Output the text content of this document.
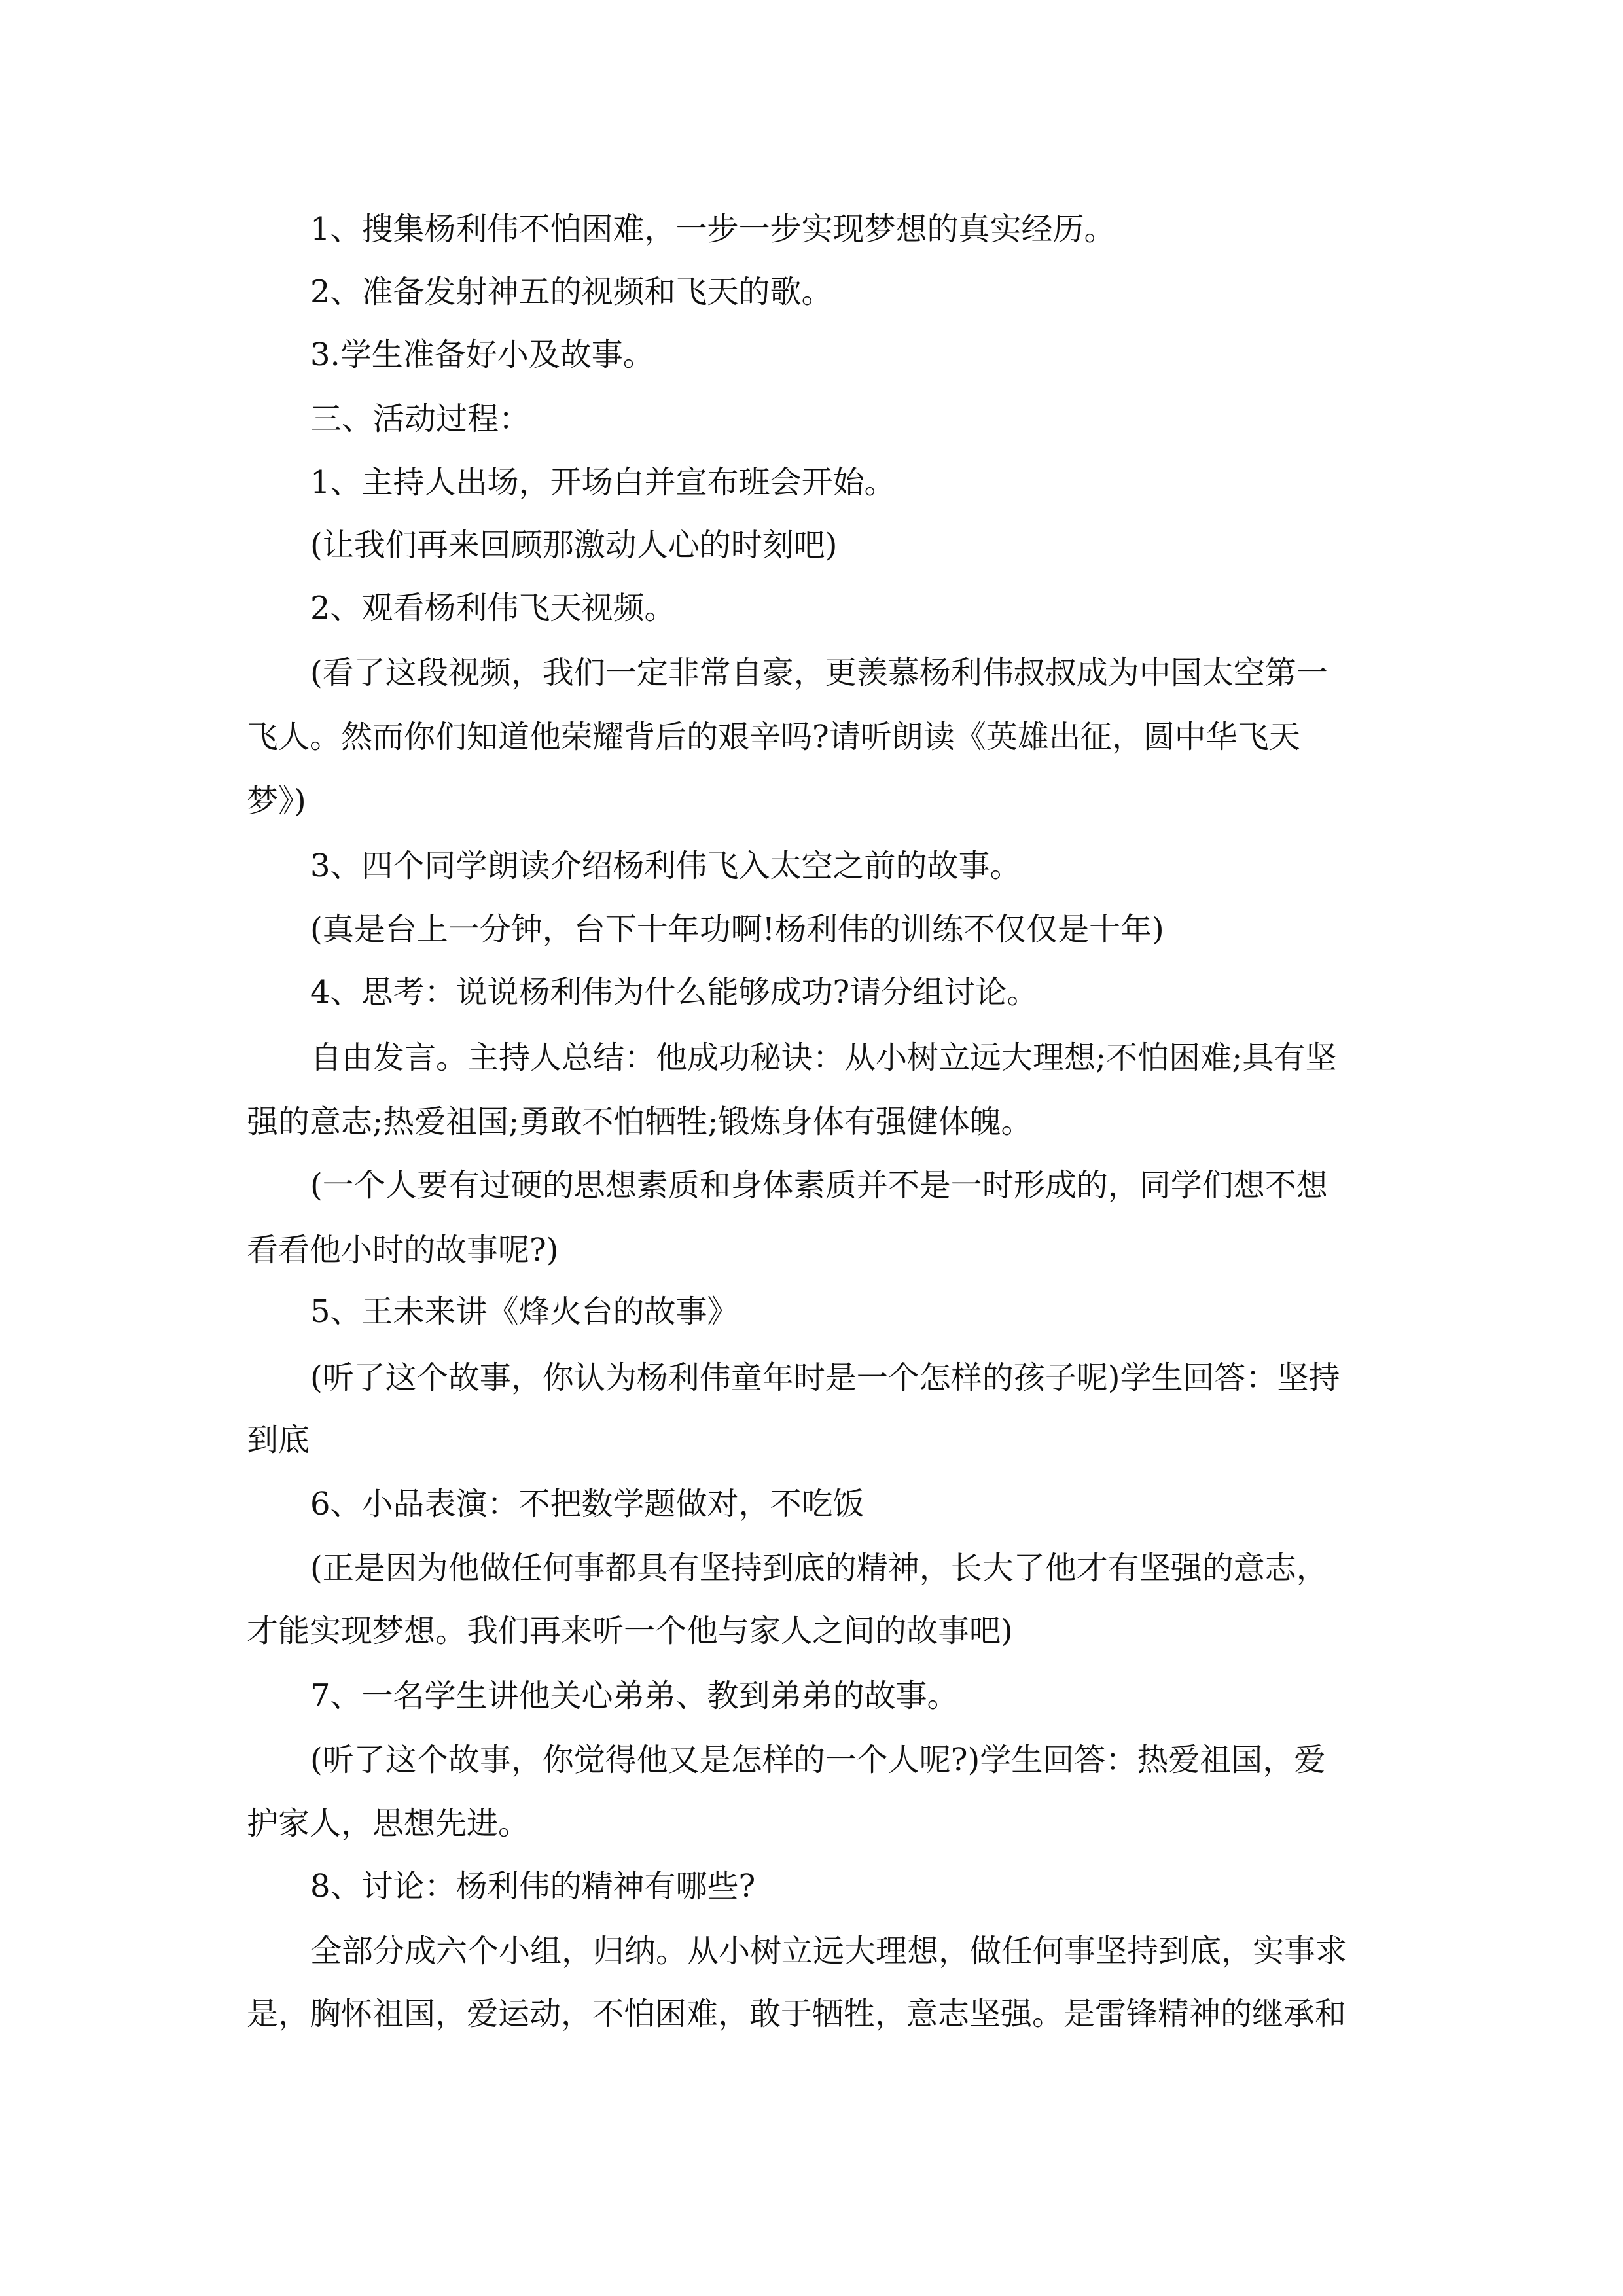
1、搜集杨利伟不怕困难，一步一步实现梦想的真实经历。
2、准备发射神五的视频和飞天的歌。
3.学生准备好小及故事。
三、活动过程：
1、主持人出场，开场白并宣布班会开始。
(让我们再来回顾那激动人心的时刻吧)
2、观看杨利伟飞天视频。
(看了这段视频，我们一定非常自豪，更羡慕杨利伟叔叔成为中国太空第一
飞人。然而你们知道他荣耀背后的艰辛吗?请听朗读《英雄出征，圆中华飞天
梦》)
3、四个同学朗读介绍杨利伟飞入太空之前的故事。
(真是台上一分钟，台下十年功啊!杨利伟的训练不仅仅是十年)
4、思考：说说杨利伟为什么能够成功?请分组讨论。
自由发言。主持人总结：他成功秘诀：从小树立远大理想;不怕困难;具有坚
强的意志;热爱祖国;勇敢不怕牺牲;锻炼身体有强健体魄。
(一个人要有过硬的思想素质和身体素质并不是一时形成的，同学们想不想
看看他小时的故事呢?)
5、王未来讲《烽火台的故事》
(听了这个故事，你认为杨利伟童年时是一个怎样的孩子呢)学生回答：坚持
到底
6、小品表演：不把数学题做对，不吃饭
(正是因为他做任何事都具有坚持到底的精神，长大了他才有坚强的意志，
才能实现梦想。我们再来听一个他与家人之间的故事吧)
7、一名学生讲他关心弟弟、教到弟弟的故事。
(听了这个故事，你觉得他又是怎样的一个人呢?)学生回答：热爱祖国，爱
护家人，思想先进。
8、讨论：杨利伟的精神有哪些?
全部分成六个小组，归纳。从小树立远大理想，做任何事坚持到底，实事求
是，胸怀祖国，爱运动，不怕困难，敢于牺牲，意志坚强。是雷锋精神的继承和
